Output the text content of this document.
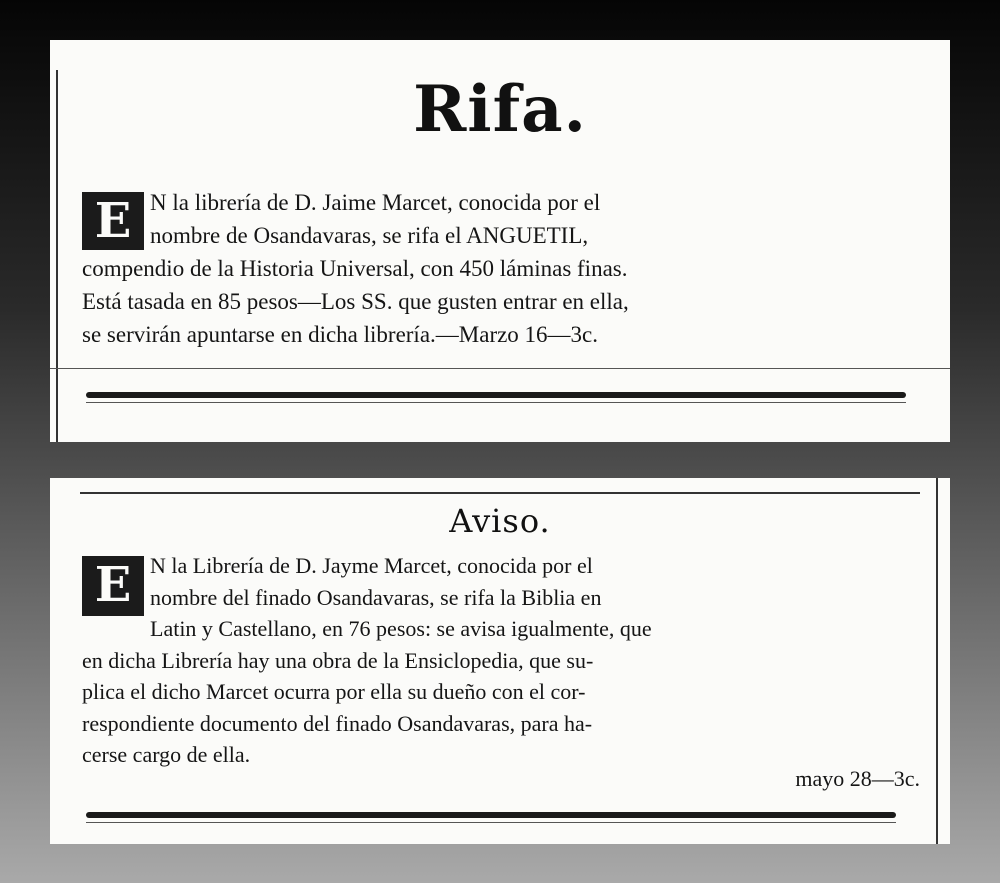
Rifa.
E N la librería de D. Jaime Marcet, conocida por el
nombre de Osandavaras, se rifa el ANGUETIL,
compendio de la Historia Universal, con 450 láminas finas.
Está tasada en 85 pesos—Los SS. que gusten entrar en ella,
se servirán apuntarse en dicha librería.—Marzo 16—3c.
Aviso.
E N la Librería de D. Jayme Marcet, conocida por el
nombre del finado Osandavaras, se rifa la Biblia en
Latin y Castellano, en 76 pesos: se avisa igualmente, que
en dicha Librería hay una obra de la Ensiclopedia, que su-
plica el dicho Marcet ocurra por ella su dueño con el cor-
respondiente documento del finado Osandavaras, para ha-
cerse cargo de ella.
mayo 28—3c.
